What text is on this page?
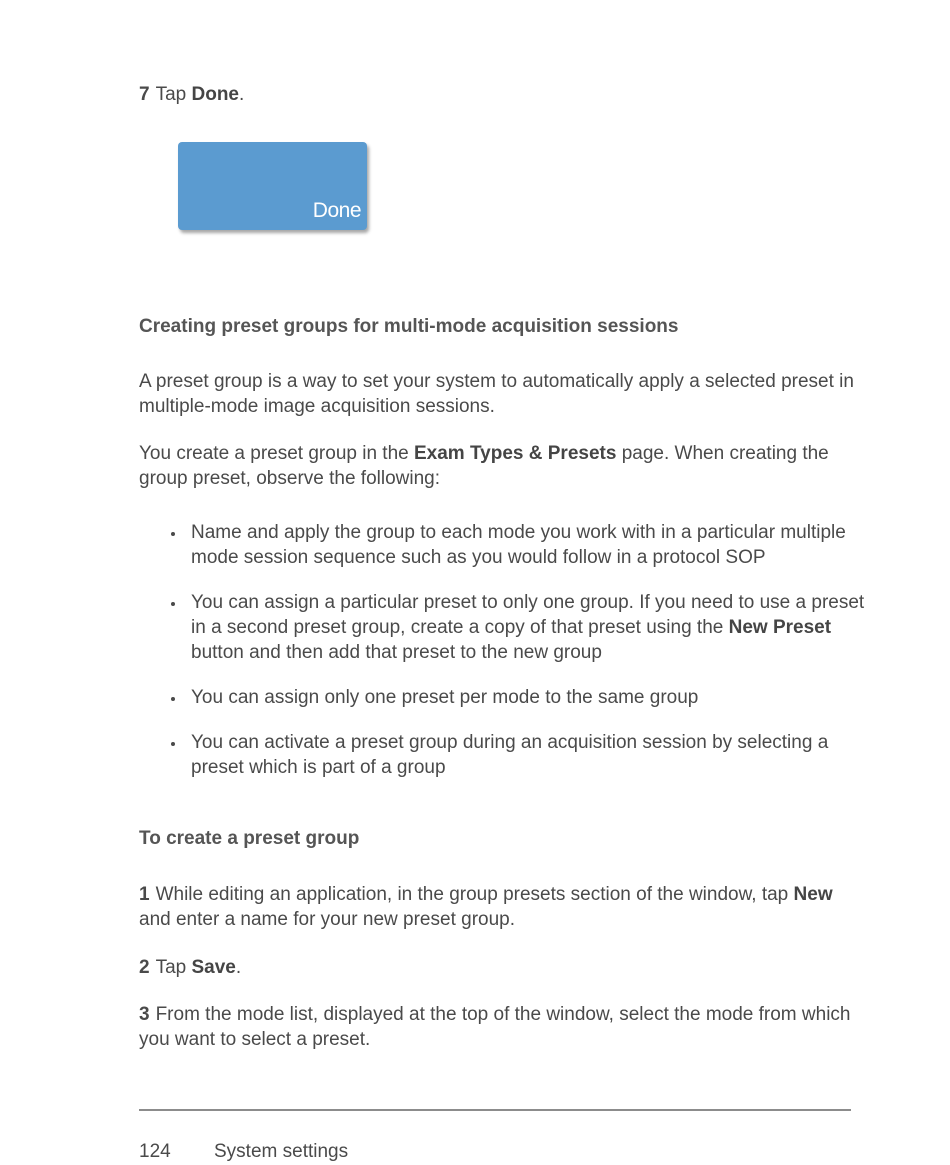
7 Tap Done.

Done
Creating preset groups for multi-mode acquisition sessions

A preset group is a way to set your system to automatically apply a selected preset in multiple-mode image acquisition sessions.

You create a preset group in the Exam Types & Presets page. When creating the group preset, observe the following:

Name and apply the group to each mode you work with in a particular multiple mode session sequence such as you would follow in a protocol SOP
You can assign a particular preset to only one group. If you need to use a preset in a second preset group, create a copy of that preset using the New Preset button and then add that preset to the new group
You can assign only one preset per mode to the same group
You can activate a preset group during an acquisition session by selecting a preset which is part of a group
To create a preset group

1 While editing an application, in the group presets section of the window, tap New and enter a name for your new preset group.

2 Tap Save.

3 From the mode list, displayed at the top of the window, select the mode from which you want to select a preset.

124 System settings
